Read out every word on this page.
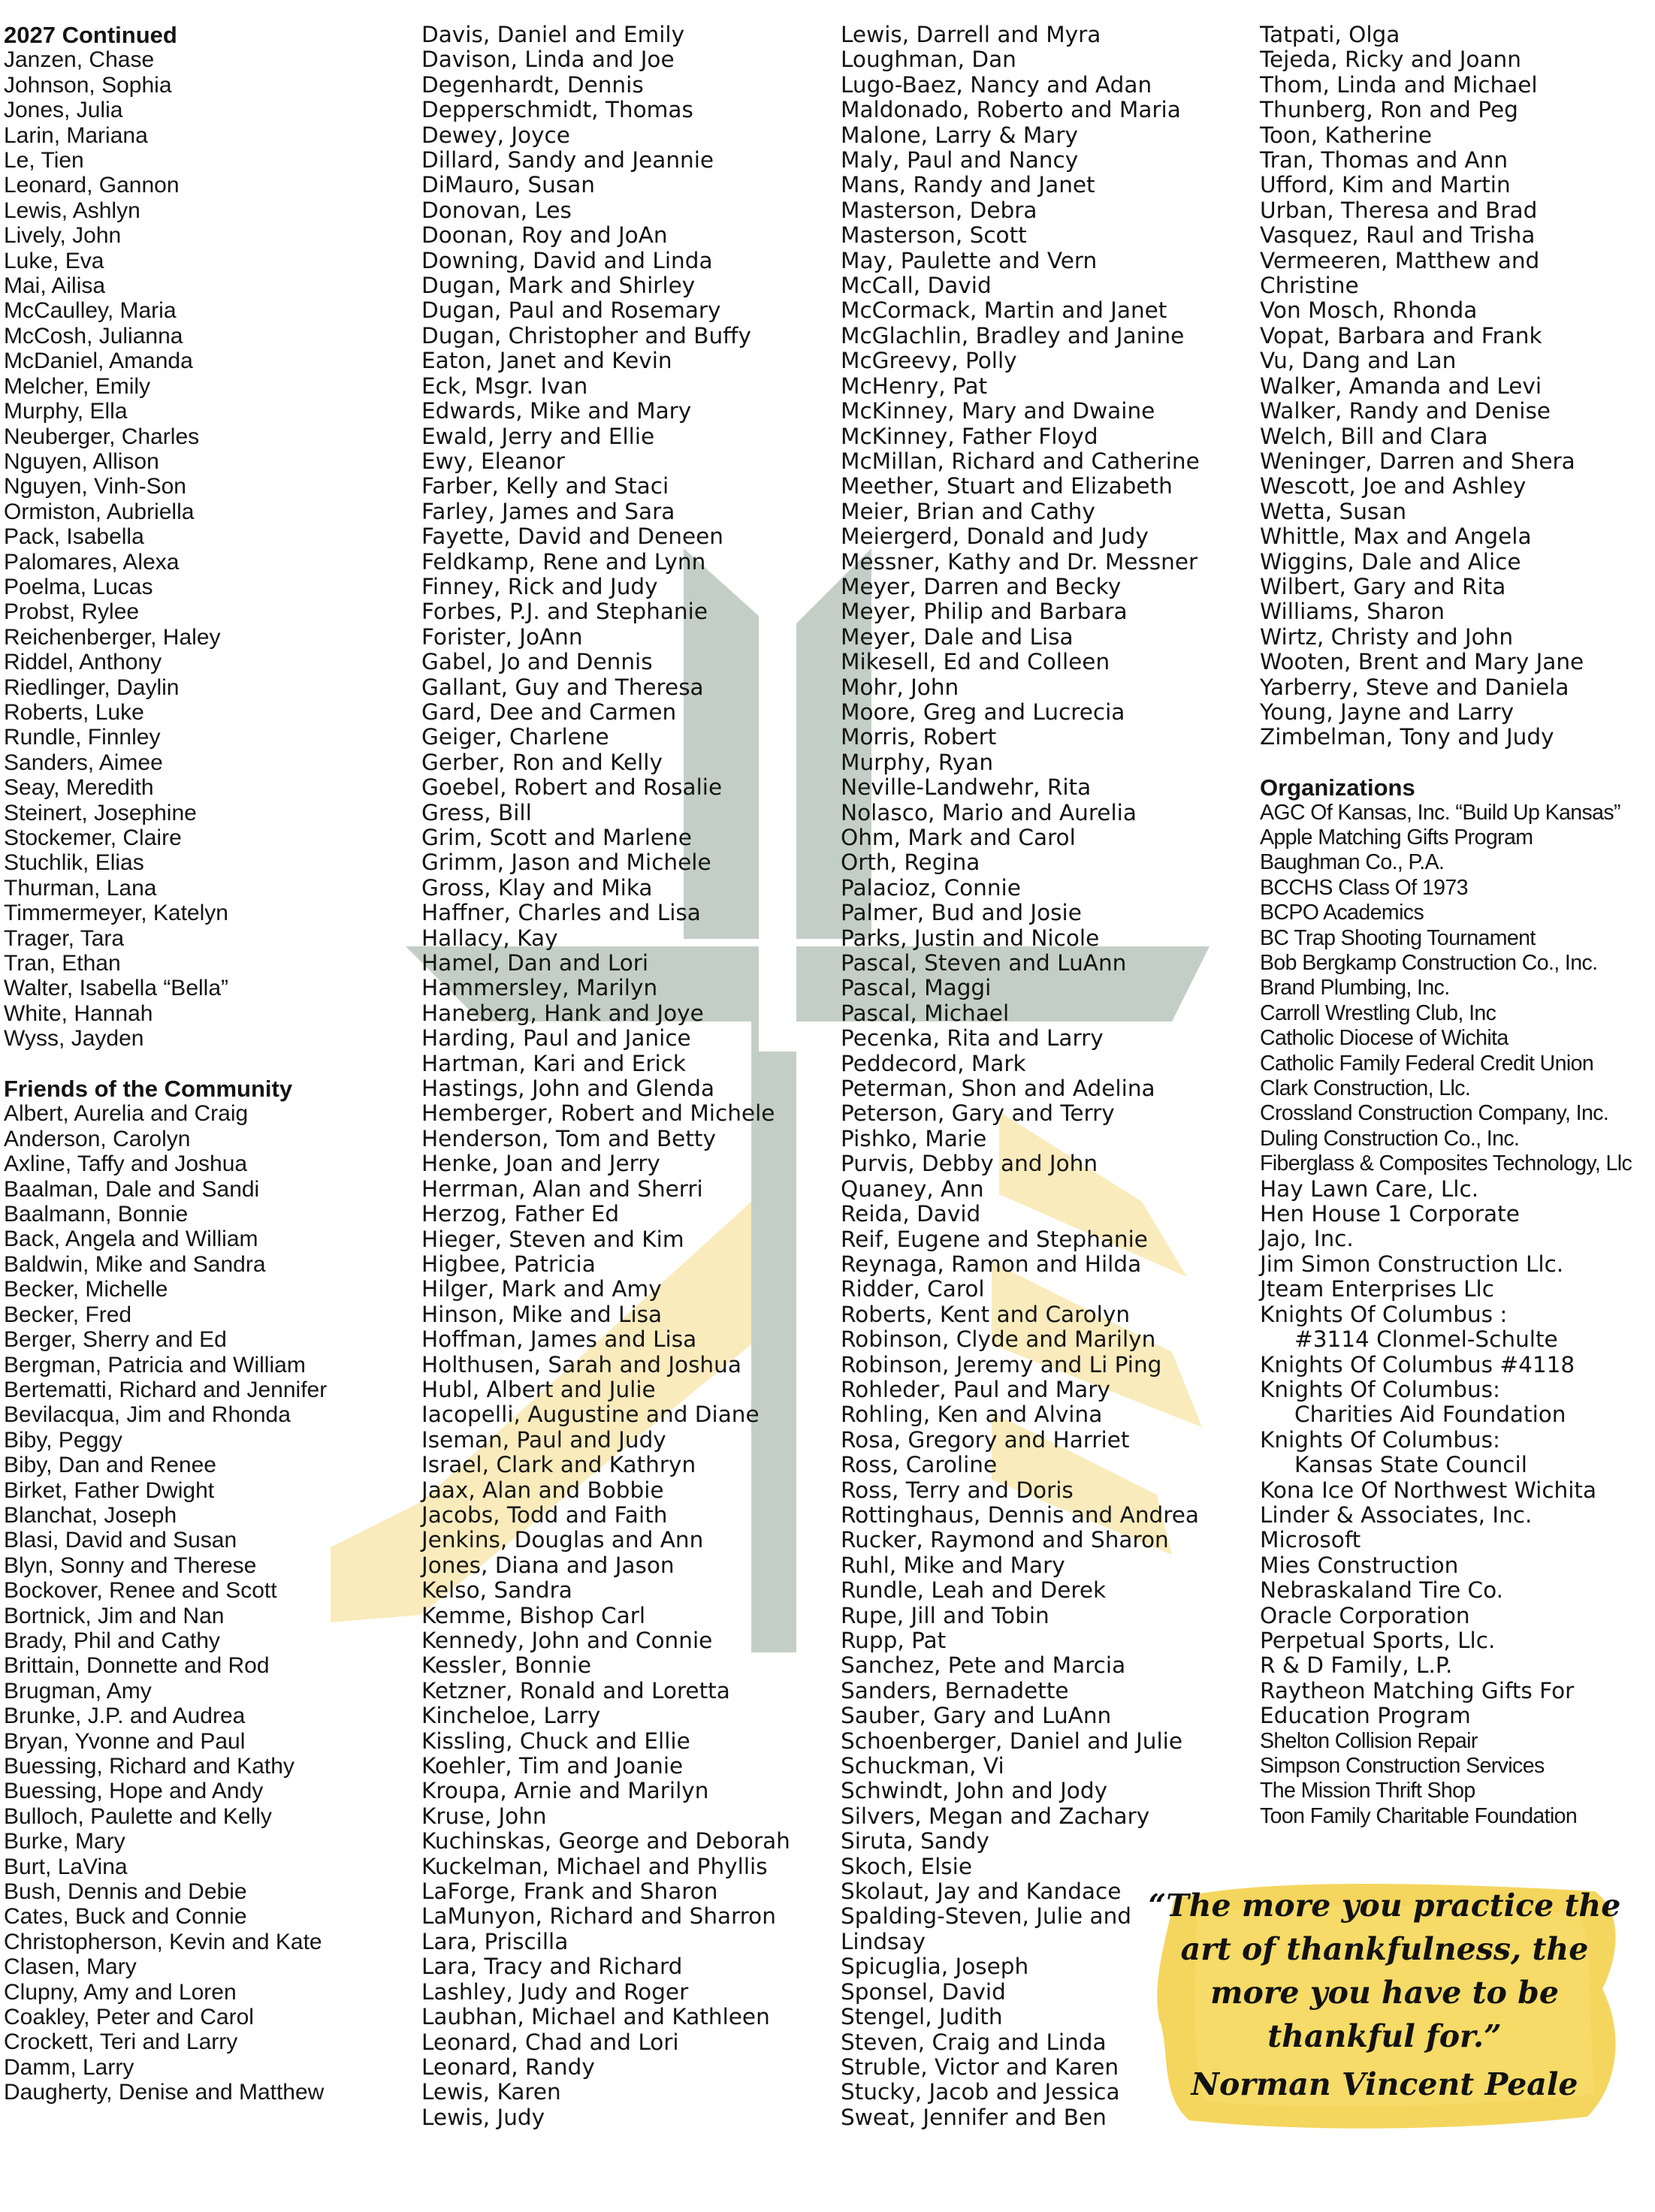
2027 Continued
Janzen, Chase
Johnson, Sophia
Jones, Julia
Larin, Mariana
Le, Tien
Leonard, Gannon
Lewis, Ashlyn
Lively, John
Luke, Eva
Mai, Ailisa
McCaulley, Maria
McCosh, Julianna
McDaniel, Amanda
Melcher, Emily
Murphy, Ella
Neuberger, Charles
Nguyen, Allison
Nguyen, Vinh-Son
Ormiston, Aubriella
Pack, Isabella
Palomares, Alexa
Poelma, Lucas
Probst, Rylee
Reichenberger, Haley
Riddel, Anthony
Riedlinger, Daylin
Roberts, Luke
Rundle, Finnley
Sanders, Aimee
Seay, Meredith
Steinert, Josephine
Stockemer, Claire
Stuchlik, Elias
Thurman, Lana
Timmermeyer, Katelyn
Trager, Tara
Tran, Ethan
Walter, Isabella “Bella”
White, Hannah
Wyss, Jayden
Friends of the Community
Albert, Aurelia and Craig
Anderson, Carolyn
Axline, Taffy and Joshua
Baalman, Dale and Sandi
Baalmann, Bonnie
Back, Angela and William
Baldwin, Mike and Sandra
Becker, Michelle
Becker, Fred
Berger, Sherry and Ed
Bergman, Patricia and William
Bertematti, Richard and Jennifer
Bevilacqua, Jim and Rhonda
Biby, Peggy
Biby, Dan and Renee
Birket, Father Dwight
Blanchat, Joseph
Blasi, David and Susan
Blyn, Sonny and Therese
Bockover, Renee and Scott
Bortnick, Jim and Nan
Brady, Phil and Cathy
Brittain, Donnette and Rod
Brugman, Amy
Brunke, J.P. and Audrea
Bryan, Yvonne and Paul
Buessing, Richard and Kathy
Buessing, Hope and Andy
Bulloch, Paulette and Kelly
Burke, Mary
Burt, LaVina
Bush, Dennis and Debie
Cates, Buck and Connie
Christopherson, Kevin and Kate
Clasen, Mary
Clupny, Amy and Loren
Coakley, Peter and Carol
Crockett, Teri and Larry
Damm, Larry
Daugherty, Denise and Matthew
Davis, Daniel and Emily
Davison, Linda and Joe
Degenhardt, Dennis
Depperschmidt, Thomas
Dewey, Joyce
Dillard, Sandy and Jeannie
DiMauro, Susan
Donovan, Les
Doonan, Roy and JoAn
Downing, David and Linda
Dugan, Mark and Shirley
Dugan, Paul and Rosemary
Dugan, Christopher and Buffy
Eaton, Janet and Kevin
Eck, Msgr. Ivan
Edwards, Mike and Mary
Ewald, Jerry and Ellie
Ewy, Eleanor
Farber, Kelly and Staci
Farley, James and Sara
Fayette, David and Deneen
Feldkamp, Rene and Lynn
Finney, Rick and Judy
Forbes, P.J. and Stephanie
Forister, JoAnn
Gabel, Jo and Dennis
Gallant, Guy and Theresa
Gard, Dee and Carmen
Geiger, Charlene
Gerber, Ron and Kelly
Goebel, Robert and Rosalie
Gress, Bill
Grim, Scott and Marlene
Grimm, Jason and Michele
Gross, Klay and Mika
Haffner, Charles and Lisa
Hallacy, Kay
Hamel, Dan and Lori
Hammersley, Marilyn
Haneberg, Hank and Joye
Harding, Paul and Janice
Hartman, Kari and Erick
Hastings, John and Glenda
Hemberger, Robert and Michele
Henderson, Tom and Betty
Henke, Joan and Jerry
Herrman, Alan and Sherri
Herzog, Father Ed
Hieger, Steven and Kim
Higbee, Patricia
Hilger, Mark and Amy
Hinson, Mike and Lisa
Hoffman, James and Lisa
Holthusen, Sarah and Joshua
Hubl, Albert and Julie
Iacopelli, Augustine and Diane
Iseman, Paul and Judy
Israel, Clark and Kathryn
Jaax, Alan and Bobbie
Jacobs, Todd and Faith
Jenkins, Douglas and Ann
Jones, Diana and Jason
Kelso, Sandra
Kemme, Bishop Carl
Kennedy, John and Connie
Kessler, Bonnie
Ketzner, Ronald and Loretta
Kincheloe, Larry
Kissling, Chuck and Ellie
Koehler, Tim and Joanie
Kroupa, Arnie and Marilyn
Kruse, John
Kuchinskas, George and Deborah
Kuckelman, Michael and Phyllis
LaForge, Frank and Sharon
LaMunyon, Richard and Sharron
Lara, Priscilla
Lara, Tracy and Richard
Lashley, Judy and Roger
Laubhan, Michael and Kathleen
Leonard, Chad and Lori
Leonard, Randy
Lewis, Karen
Lewis, Judy
Lewis, Darrell and Myra
Loughman, Dan
Lugo-Baez, Nancy and Adan
Maldonado, Roberto and Maria
Malone, Larry & Mary
Maly, Paul and Nancy
Mans, Randy and Janet
Masterson, Debra
Masterson, Scott
May, Paulette and Vern
McCall, David
McCormack, Martin and Janet
McGlachlin, Bradley and Janine
McGreevy, Polly
McHenry, Pat
McKinney, Mary and Dwaine
McKinney, Father Floyd
McMillan, Richard and Catherine
Meether, Stuart and Elizabeth
Meier, Brian and Cathy
Meiergerd, Donald and Judy
Messner, Kathy and Dr. Messner
Meyer, Darren and Becky
Meyer, Philip and Barbara
Meyer, Dale and Lisa
Mikesell, Ed and Colleen
Mohr, John
Moore, Greg and Lucrecia
Morris, Robert
Murphy, Ryan
Neville-Landwehr, Rita
Nolasco, Mario and Aurelia
Ohm, Mark and Carol
Orth, Regina
Palacioz, Connie
Palmer, Bud and Josie
Parks, Justin and Nicole
Pascal, Steven and LuAnn
Pascal, Maggi
Pascal, Michael
Pecenka, Rita and Larry
Peddecord, Mark
Peterman, Shon and Adelina
Peterson, Gary and Terry
Pishko, Marie
Purvis, Debby and John
Quaney, Ann
Reida, David
Reif, Eugene and Stephanie
Reynaga, Ramon and Hilda
Ridder, Carol
Roberts, Kent and Carolyn
Robinson, Clyde and Marilyn
Robinson, Jeremy and Li Ping
Rohleder, Paul and Mary
Rohling, Ken and Alvina
Rosa, Gregory and Harriet
Ross, Caroline
Ross, Terry and Doris
Rottinghaus, Dennis and Andrea
Rucker, Raymond and Sharon
Ruhl, Mike and Mary
Rundle, Leah and Derek
Rupe, Jill and Tobin
Rupp, Pat
Sanchez, Pete and Marcia
Sanders, Bernadette
Sauber, Gary and LuAnn
Schoenberger, Daniel and Julie
Schuckman, Vi
Schwindt, John and Jody
Silvers, Megan and Zachary
Siruta, Sandy
Skoch, Elsie
Skolaut, Jay and Kandace
Spalding-Steven, Julie and
Lindsay
Spicuglia, Joseph
Sponsel, David
Stengel, Judith
Steven, Craig and Linda
Struble, Victor and Karen
Stucky, Jacob and Jessica
Sweat, Jennifer and Ben
Tatpati, Olga
Tejeda, Ricky and Joann
Thom, Linda and Michael
Thunberg, Ron and Peg
Toon, Katherine
Tran, Thomas and Ann
Ufford, Kim and Martin
Urban, Theresa and Brad
Vasquez, Raul and Trisha
Vermeeren, Matthew and
Christine
Von Mosch, Rhonda
Vopat, Barbara and Frank
Vu, Dang and Lan
Walker, Amanda and Levi
Walker, Randy and Denise
Welch, Bill and Clara
Weninger, Darren and Shera
Wescott, Joe and Ashley
Wetta, Susan
Whittle, Max and Angela
Wiggins, Dale and Alice
Wilbert, Gary and Rita
Williams, Sharon
Wirtz, Christy and John
Wooten, Brent and Mary Jane
Yarberry, Steve and Daniela
Young, Jayne and Larry
Zimbelman, Tony and Judy
Organizations
AGC Of Kansas, Inc. “Build Up Kansas”
Apple Matching Gifts Program
Baughman Co., P.A.
BCCHS Class Of 1973
BCPO Academics
BC Trap Shooting Tournament
Bob Bergkamp Construction Co., Inc.
Brand Plumbing, Inc.
Carroll Wrestling Club, Inc
Catholic Diocese of Wichita
Catholic Family Federal Credit Union
Clark Construction, Llc.
Crossland Construction Company, Inc.
Duling Construction Co., Inc.
Fiberglass & Composites Technology, Llc
Hay Lawn Care, Llc.
Hen House 1 Corporate
Jajo, Inc.
Jim Simon Construction Llc.
Jteam Enterprises Llc
Knights Of Columbus :
#3114 Clonmel-Schulte
Knights Of Columbus #4118
Knights Of Columbus:
Charities Aid Foundation
Knights Of Columbus:
Kansas State Council
Kona Ice Of Northwest Wichita
Linder & Associates, Inc.
Microsoft
Mies Construction
Nebraskaland Tire Co.
Oracle Corporation
Perpetual Sports, Llc.
R & D Family, L.P.
Raytheon Matching Gifts For
Education Program
Shelton Collision Repair
Simpson Construction Services
The Mission Thrift Shop
Toon Family Charitable Foundation
“The more you practice the art of thankfulness, the more you have to be thankful for.”
Norman Vincent Peale
